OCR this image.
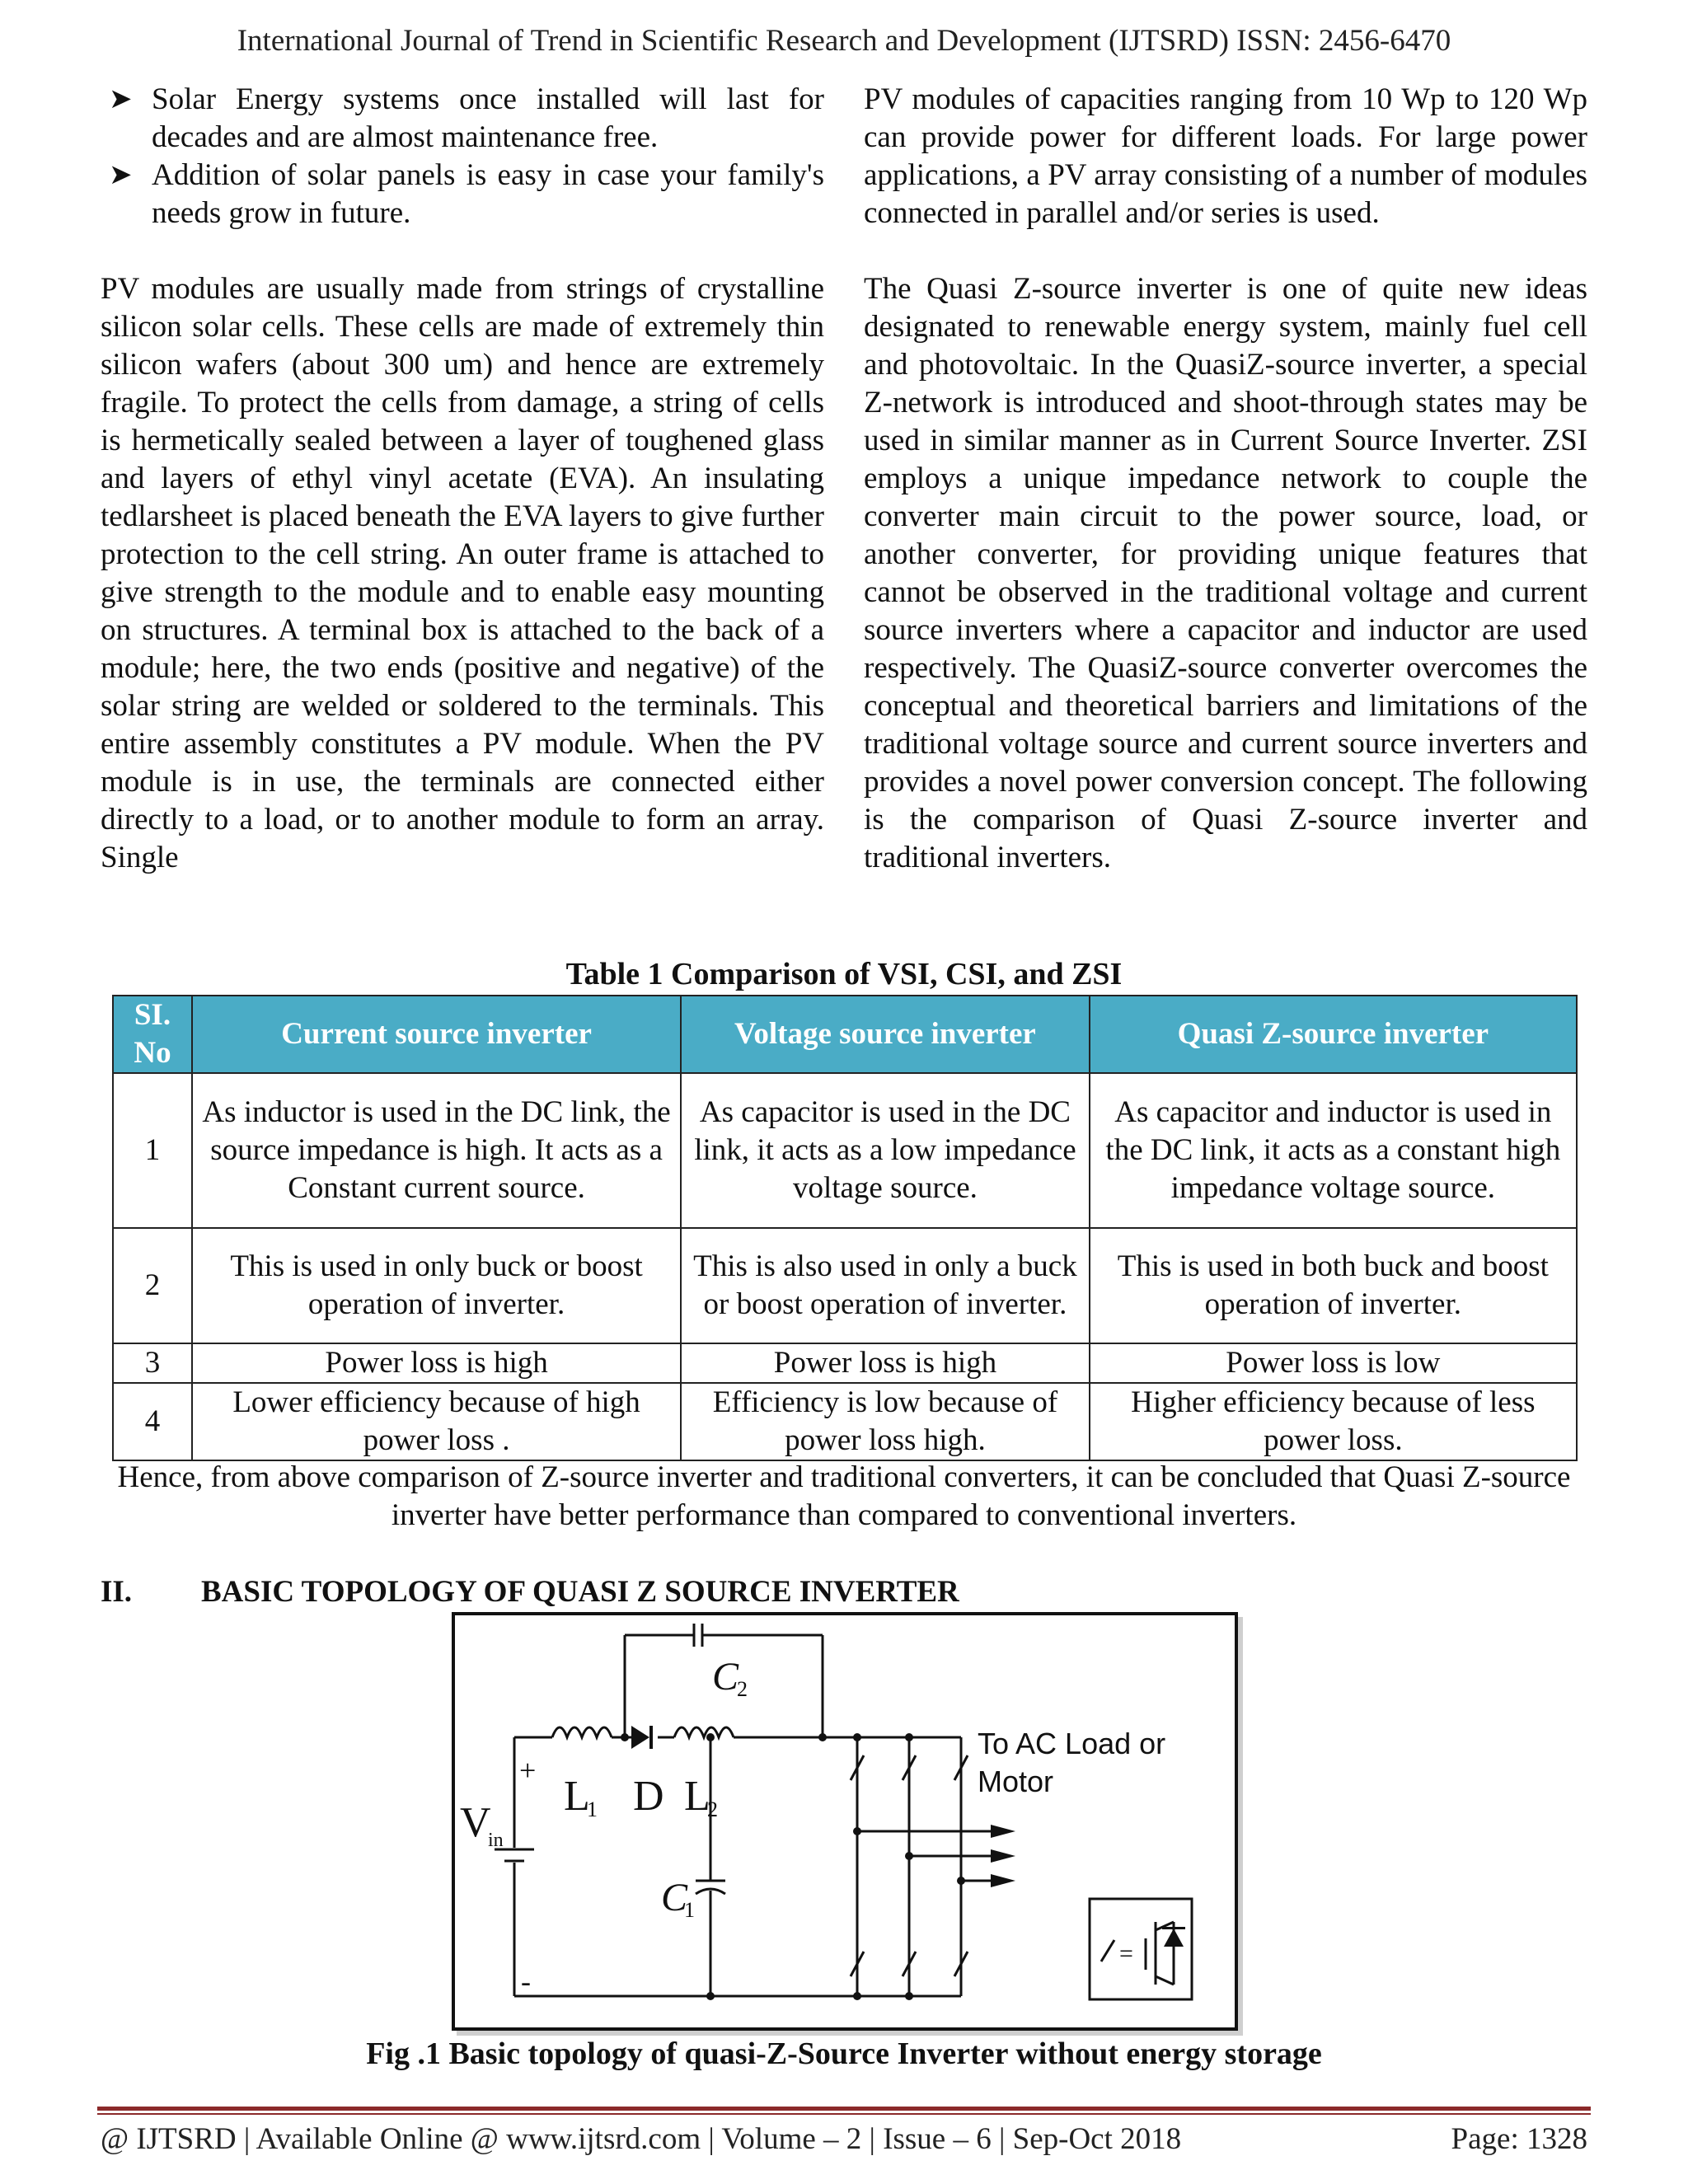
International Journal of Trend in Scientific Research and Development (IJTSRD) ISSN: 2456-6470
➤ Solar Energy systems once installed will last for decades and are almost maintenance free.
➤ Addition of solar panels is easy in case your family's needs grow in future.

PV modules are usually made from strings of crystalline silicon solar cells. These cells are made of extremely thin silicon wafers (about 300 um) and hence are extremely fragile. To protect the cells from damage, a string of cells is hermetically sealed between a layer of toughened glass and layers of ethyl vinyl acetate (EVA). An insulating tedlarsheet is placed beneath the EVA layers to give further protection to the cell string. An outer frame is attached to give strength to the module and to enable easy mounting on structures. A terminal box is attached to the back of a module; here, the two ends (positive and negative) of the solar string are welded or soldered to the terminals. This entire assembly constitutes a PV module. When the PV module is in use, the terminals are connected either directly to a load, or to another module to form an array. Single

PV modules of capacities ranging from 10 Wp to 120 Wp can provide power for different loads. For large power applications, a PV array consisting of a number of modules connected in parallel and/or series is used.

The Quasi Z-source inverter is one of quite new ideas designated to renewable energy system, mainly fuel cell and photovoltaic. In the QuasiZ-source inverter, a special Z-network is introduced and shoot-through states may be used in similar manner as in Current Source Inverter. ZSI employs a unique impedance network to couple the converter main circuit to the power source, load, or another converter, for providing unique features that cannot be observed in the traditional voltage and current source inverters where a capacitor and inductor are used respectively. The QuasiZ-source converter overcomes the conceptual and theoretical barriers and limitations of the traditional voltage source and current source inverters and provides a novel power conversion concept. The following is the comparison of Quasi Z-source inverter and traditional inverters.

Table 1 Comparison of VSI, CSI, and ZSI
SI. No	Current source inverter	Voltage source inverter	Quasi Z-source inverter
1	As inductor is used in the DC link, the source impedance is high. It acts as a Constant current source.	As capacitor is used in the DC link, it acts as a low impedance voltage source.	As capacitor and inductor is used in the DC link, it acts as a constant high impedance voltage source.
2	This is used in only buck or boost operation of inverter.	This is also used in only a buck or boost operation of inverter.	This is used in both buck and boost operation of inverter.
3	Power loss is high	Power loss is high	Power loss is low
4	Lower efficiency because of high power loss .	Efficiency is low because of power loss high.	Higher efficiency because of less power loss.
Hence, from above comparison of Z-source inverter and traditional converters, it can be concluded that Quasi Z-source inverter have better performance than compared to conventional inverters.
II. BASIC TOPOLOGY OF QUASI Z SOURCE INVERTER
=
V
in
+
-
L
1 D L
2
C
1
C
2
To AC Load or
Motor
Fig .1 Basic topology of quasi-Z-Source Inverter without energy storage
@ IJTSRD | Available Online @ www.ijtsrd.com | Volume – 2 | Issue – 6 | Sep-Oct 2018	Page: 1328
